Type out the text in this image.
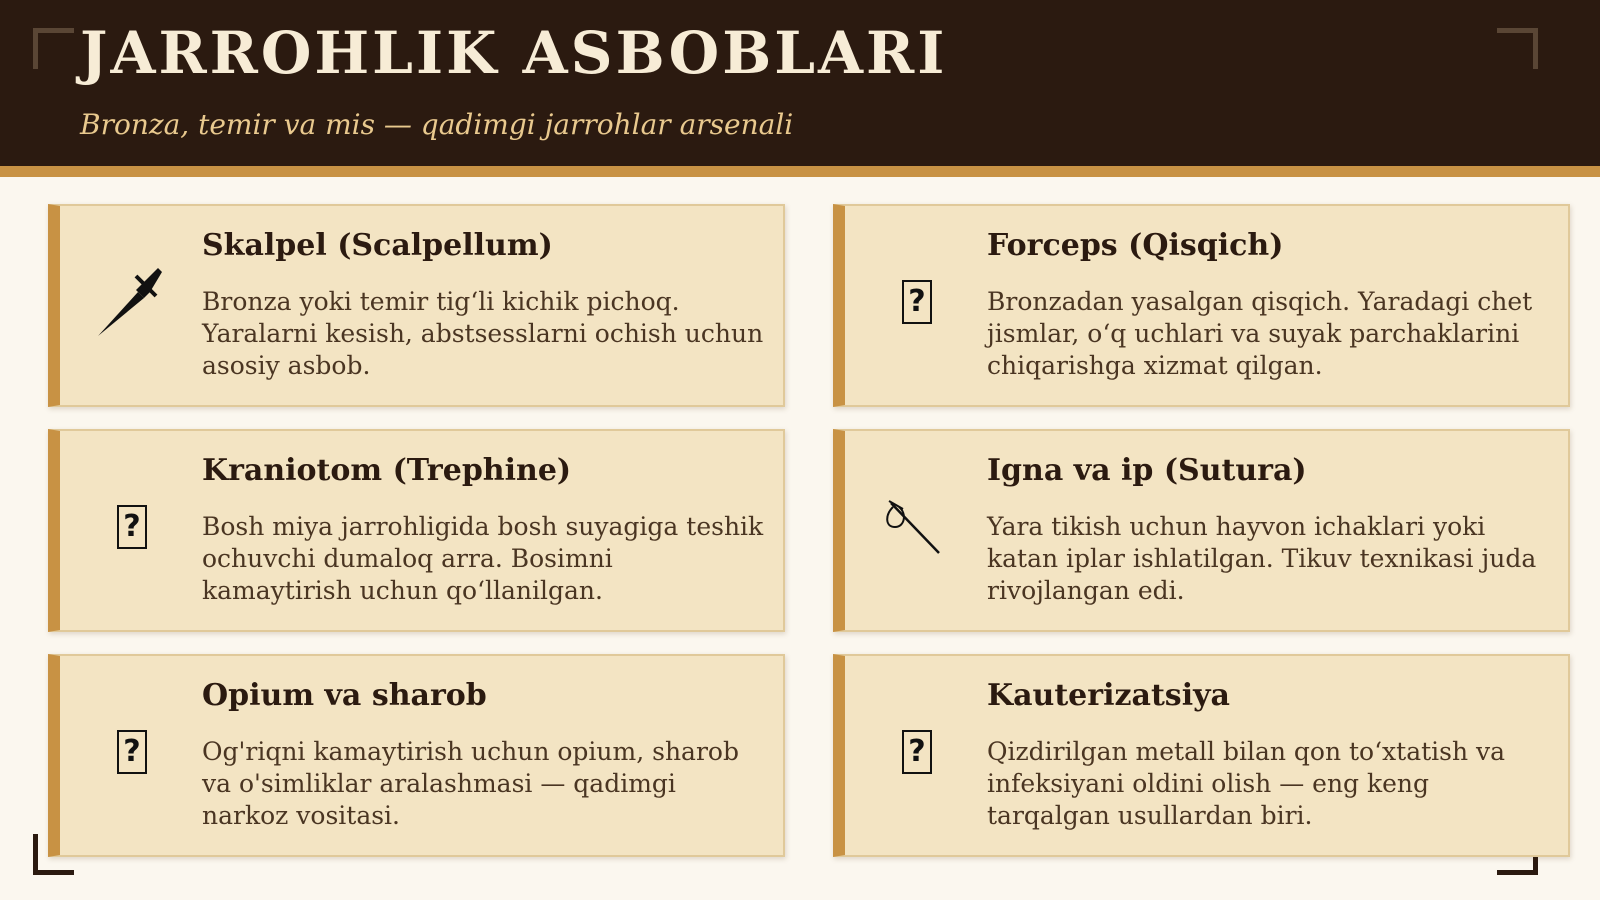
JARROHLIK ASBOBLARI

Bronza, temir va mis — qadimgi jarrohlar arsenali

Skalpel (Scalpellum)

Bronza yoki temir tig‘li kichik pichoq. Yaralarni kesish, abstsesslarni ochish uchun asosiy asbob.

?
Forceps (Qisqich)

Bronzadan yasalgan qisqich. Yaradagi chet jismlar, o‘q uchlari va suyak parchaklarini chiqarishga xizmat qilgan.

?
Kraniotom (Trephine)

Bosh miya jarrohligida bosh suyagiga teshik ochuvchi dumaloq arra. Bosimni kamaytirish uchun qo‘llanilgan.

Igna va ip (Sutura)

Yara tikish uchun hayvon ichaklari yoki katan iplar ishlatilgan. Tikuv texnikasi juda rivojlangan edi.

?
Opium va sharob

Og'riqni kamaytirish uchun opium, sharob va o'simliklar aralashmasi — qadimgi narkoz vositasi.

?
Kauterizatsiya

Qizdirilgan metall bilan qon to‘xtatish va infeksiyani oldini olish — eng keng tarqalgan usullardan biri.
